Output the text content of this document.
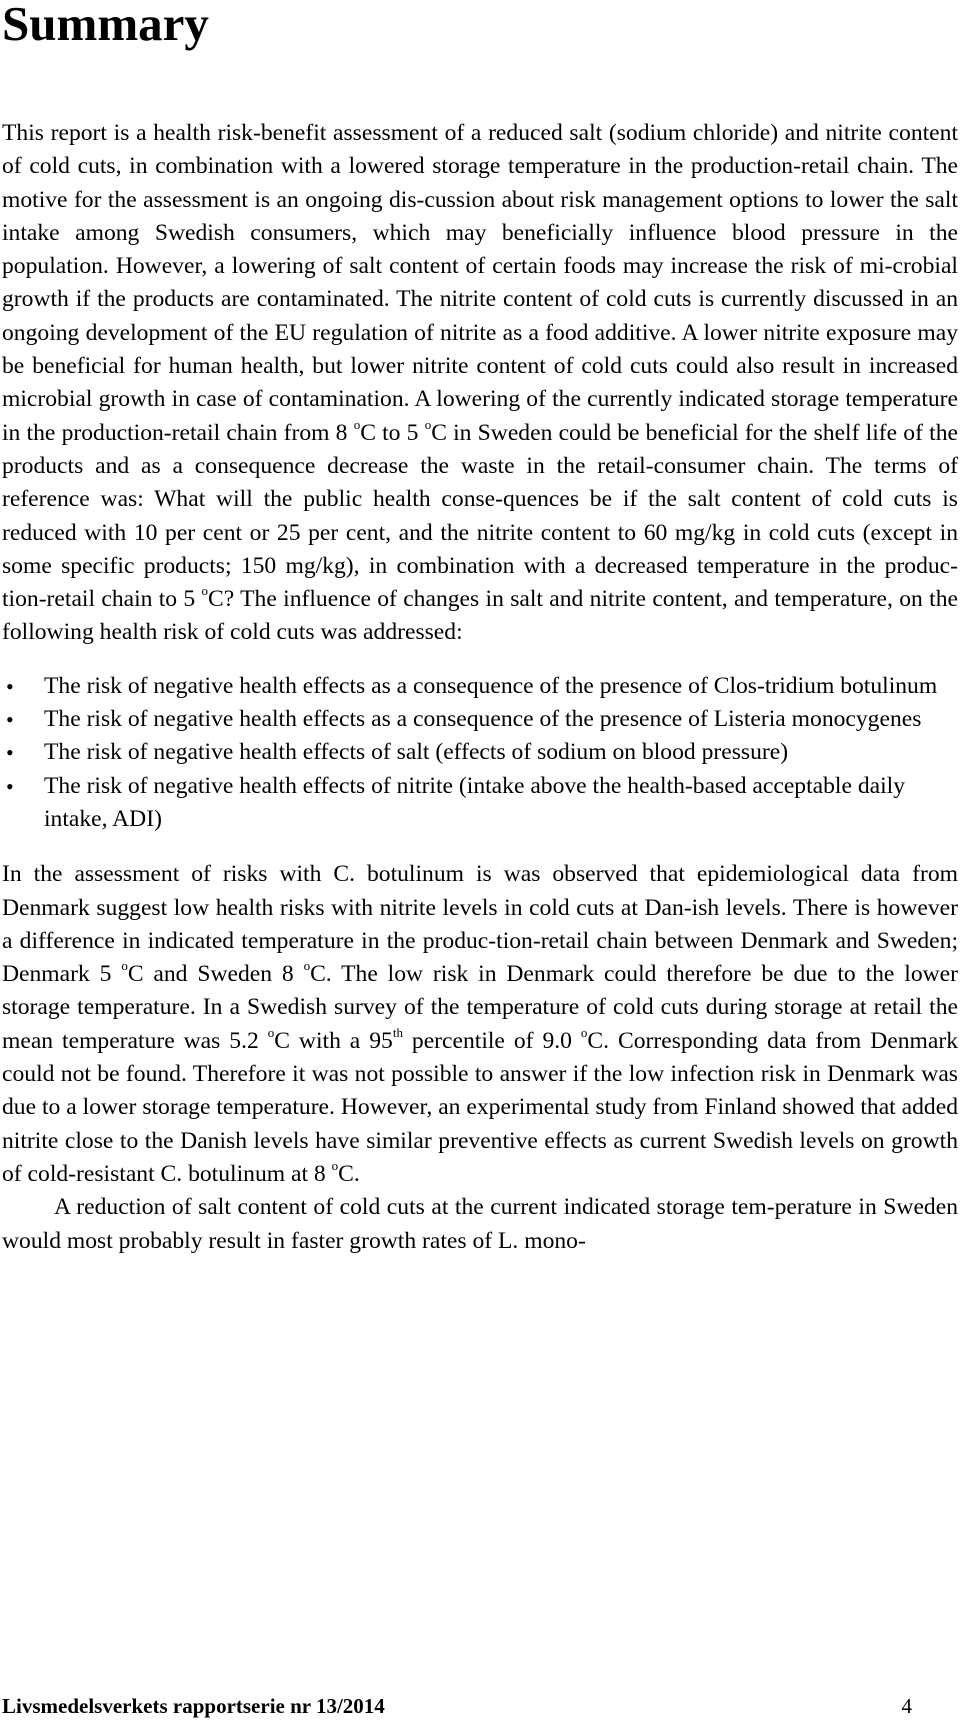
Summary

This report is a health risk-benefit assessment of a reduced salt (sodium chloride) and nitrite content of cold cuts, in combination with a lowered storage temperature in the production-retail chain. The motive for the assessment is an ongoing dis-cussion about risk management options to lower the salt intake among Swedish consumers, which may beneficially influence blood pressure in the population. However, a lowering of salt content of certain foods may increase the risk of mi-crobial growth if the products are contaminated. The nitrite content of cold cuts is currently discussed in an ongoing development of the EU regulation of nitrite as a food additive. A lower nitrite exposure may be beneficial for human health, but lower nitrite content of cold cuts could also result in increased microbial growth in case of contamination. A lowering of the currently indicated storage temperature in the production-retail chain from 8 $^o$C to 5 $^o$C in Sweden could be beneficial for the shelf life of the products and as a consequence decrease the waste in the retail-consumer chain. The terms of reference was: What will the public health conse-quences be if the salt content of cold cuts is reduced with 10 per cent or 25 per cent, and the nitrite content to 60 mg/kg in cold cuts (except in some specific products; 150 mg/kg), in combination with a decreased temperature in the produc-tion-retail chain to 5 $^o$C? The influence of changes in salt and nitrite content, and temperature, on the following health risk of cold cuts was addressed:

• The risk of negative health effects as a consequence of the presence of Clos-tridium botulinum
• The risk of negative health effects as a consequence of the presence of Listeria monocygenes
• The risk of negative health effects of salt (effects of sodium on blood pressure)
• The risk of negative health effects of nitrite (intake above the health-based acceptable daily intake, ADI)

In the assessment of risks with C. botulinum is was observed that epidemiological data from Denmark suggest low health risks with nitrite levels in cold cuts at Dan-ish levels. There is however a difference in indicated temperature in the produc-tion-retail chain between Denmark and Sweden; Denmark 5 $^o$C and Sweden 8 $^o$C. The low risk in Denmark could therefore be due to the lower storage temperature. In a Swedish survey of the temperature of cold cuts during storage at retail the mean temperature was 5.2 $^o$C with a 95th percentile of 9.0 $^o$C. Corresponding data from Denmark could not be found. Therefore it was not possible to answer if the low infection risk in Denmark was due to a lower storage temperature. However, an experimental study from Finland showed that added nitrite close to the Danish levels have similar preventive effects as current Swedish levels on growth of cold-resistant C. botulinum at 8 $^o$C.

A reduction of salt content of cold cuts at the current indicated storage tem-perature in Sweden would most probably result in faster growth rates of L. mono-

Livsmedelsverkets rapportserie nr 13/2014	4
